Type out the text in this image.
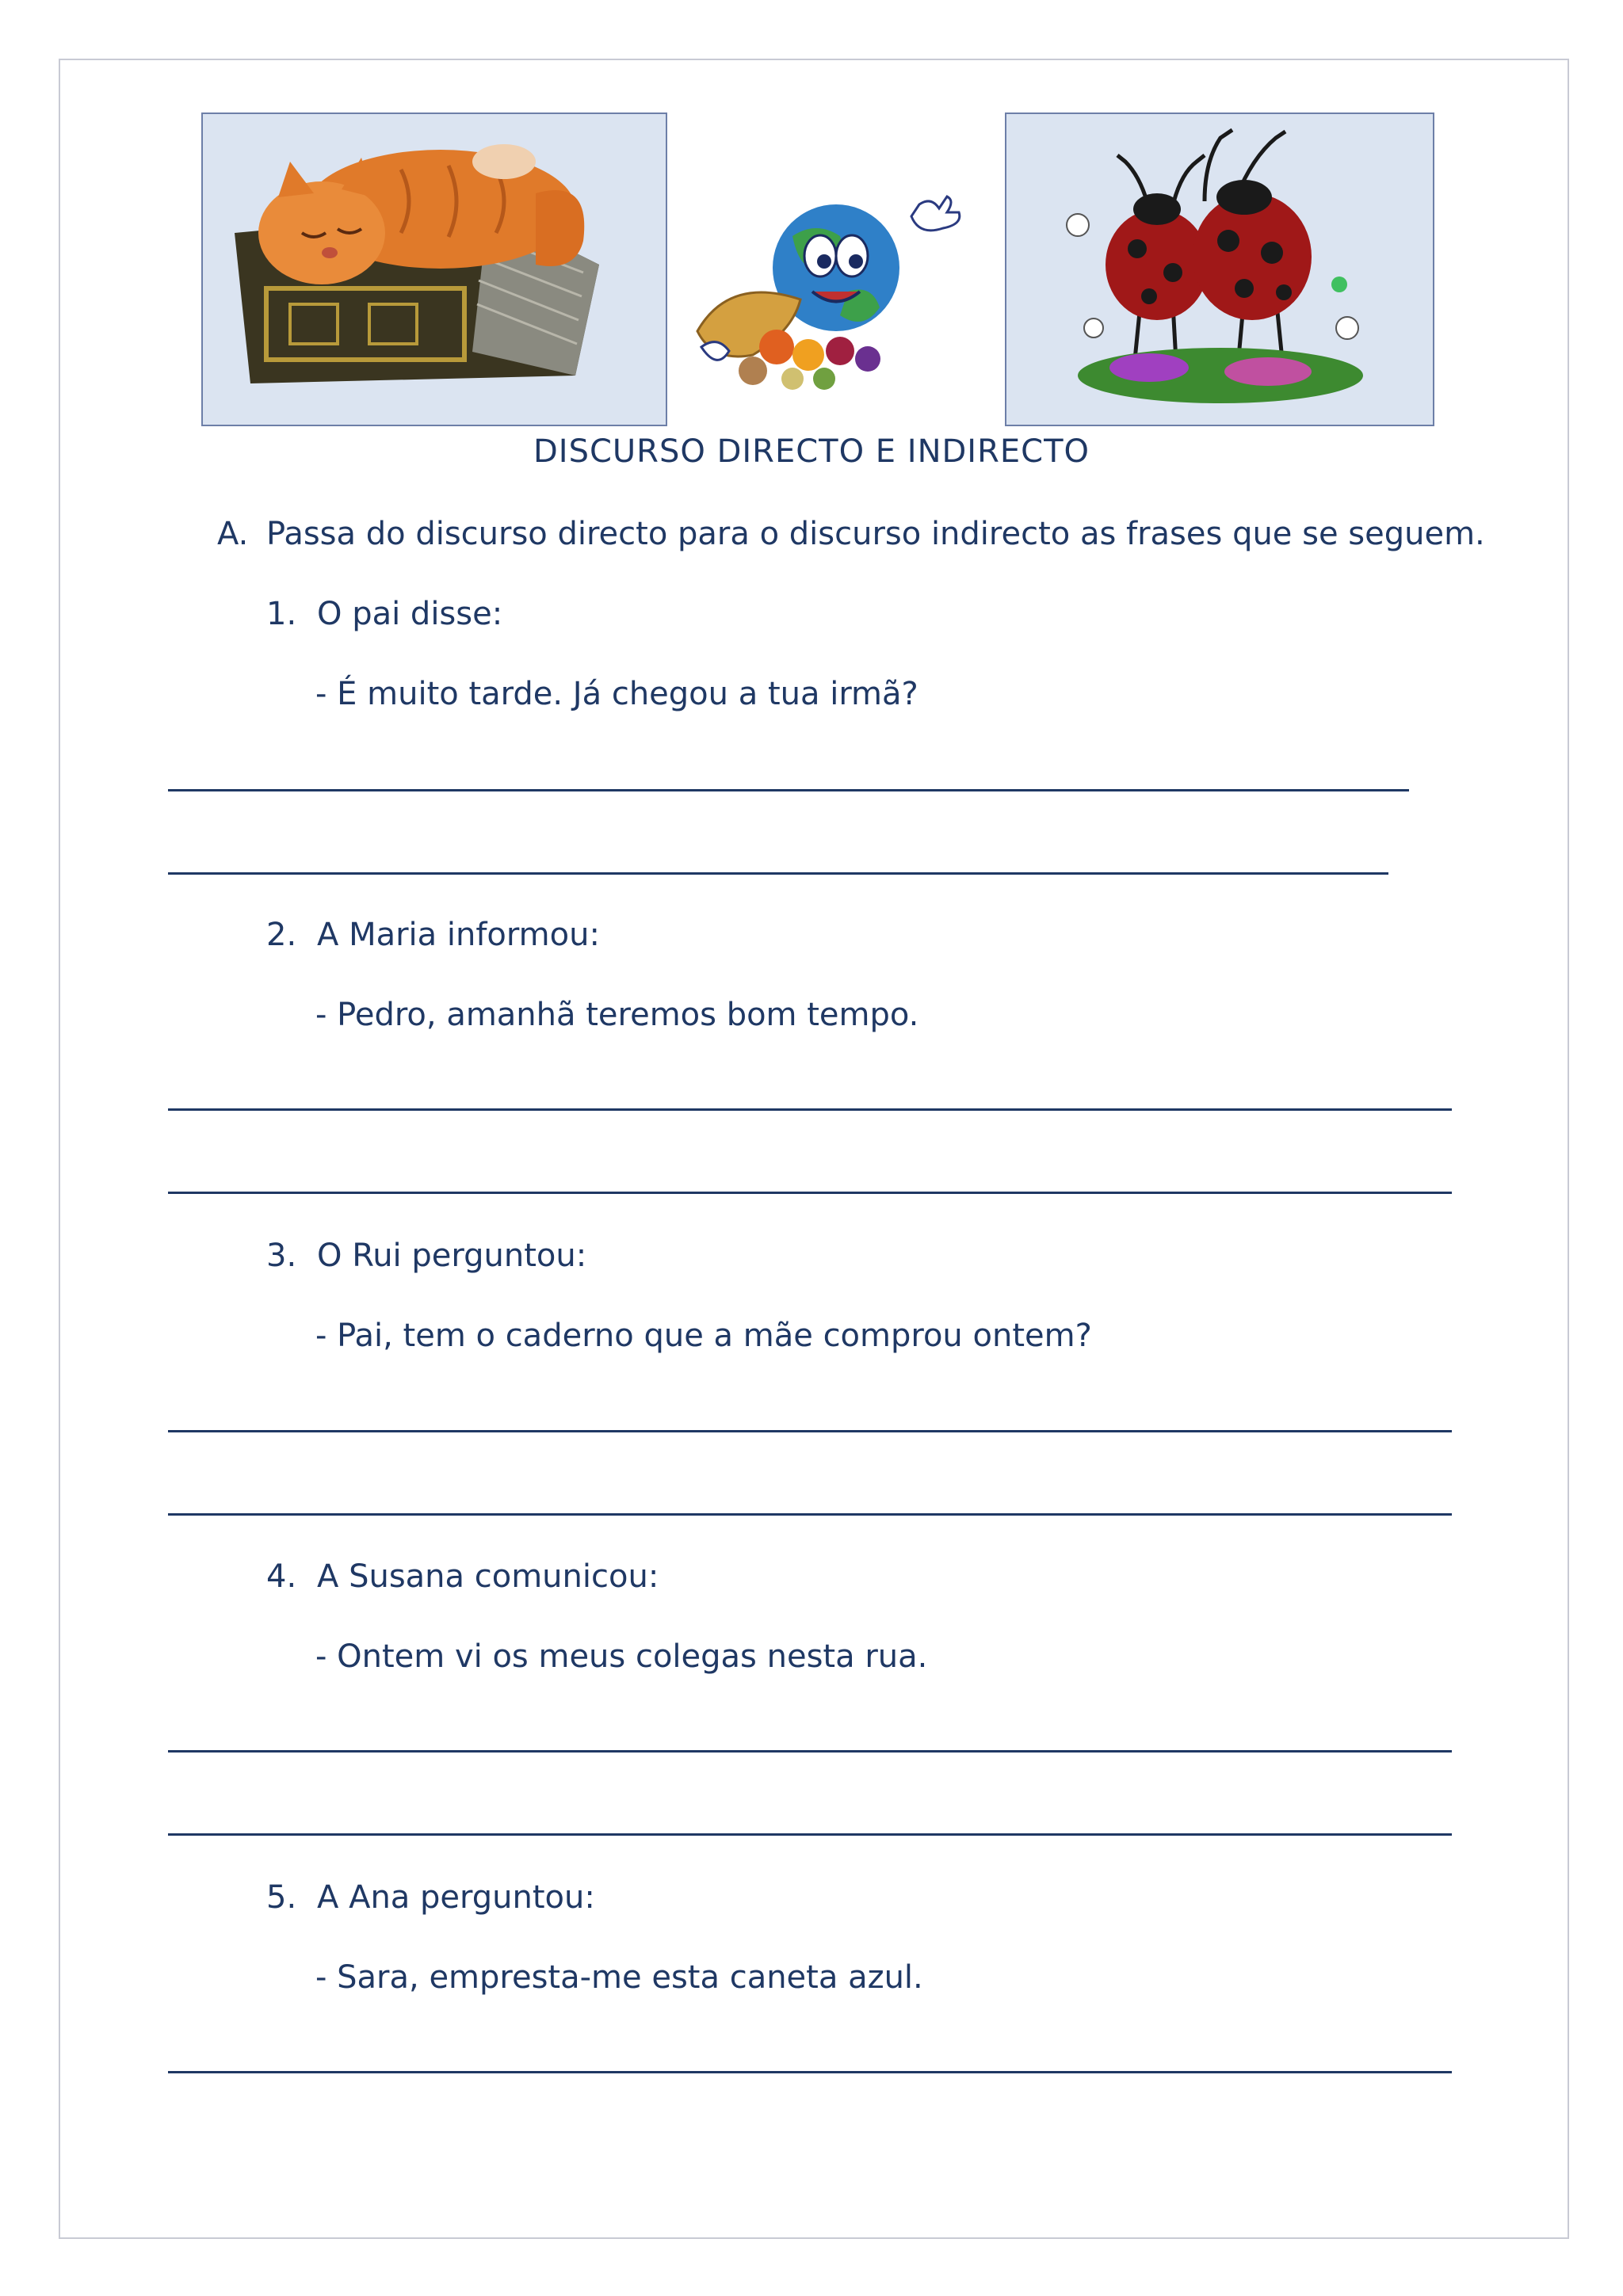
DISCURSO DIRECTO E INDIRECTO
A. Passa do discurso directo para o discurso indirecto as frases que se seguem.
1. O pai disse:
- É muito tarde. Já chegou a tua irmã?
2. A Maria informou:
- Pedro, amanhã teremos bom tempo.
3. O Rui perguntou:
- Pai, tem o caderno que a mãe comprou ontem?
4. A Susana comunicou:
- Ontem vi os meus colegas nesta rua.
5. A Ana perguntou:
- Sara, empresta-me esta caneta azul.
